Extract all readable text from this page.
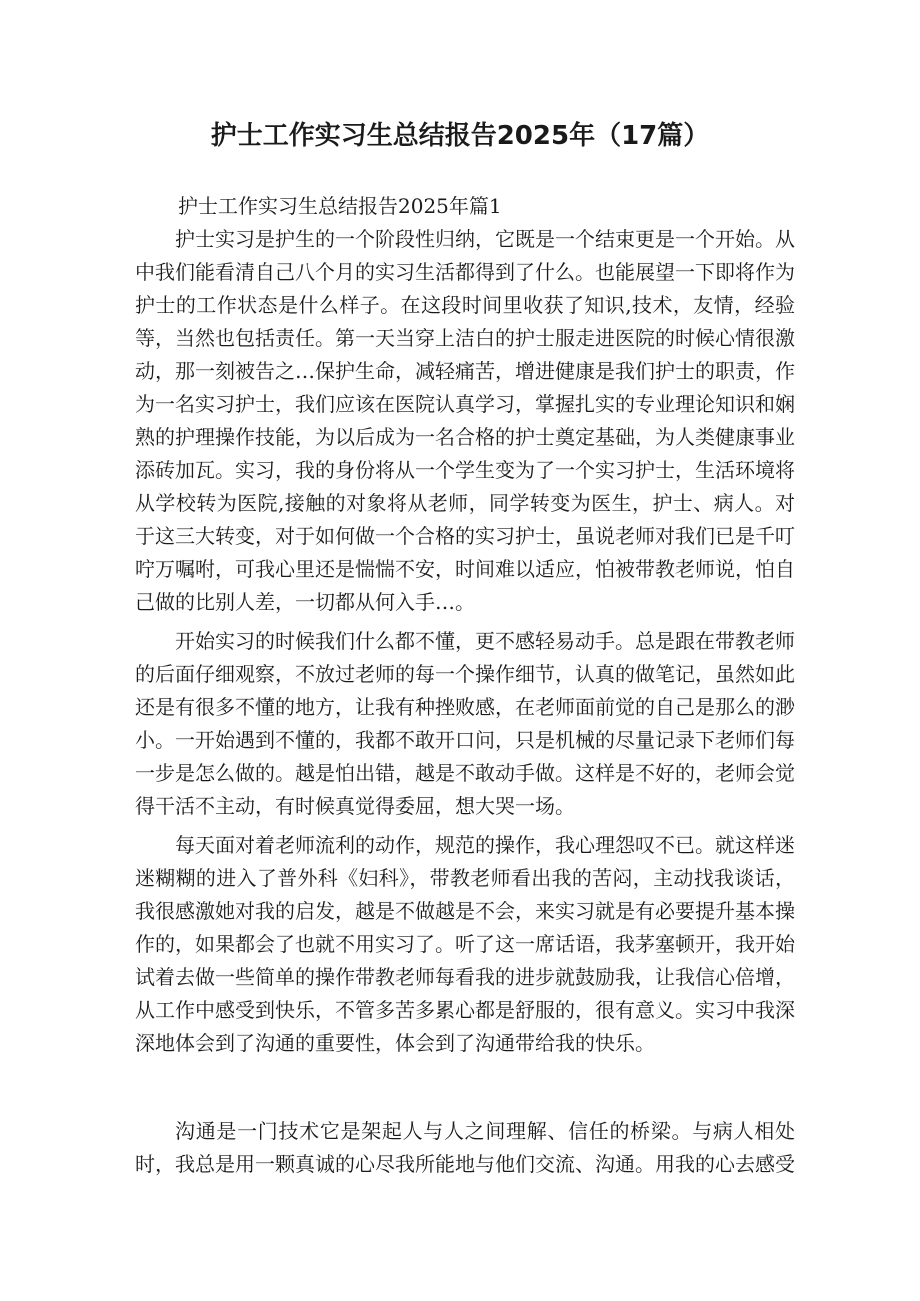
护士工作实习生总结报告2025年（17篇）
护士工作实习生总结报告2025年篇1

护士实习是护生的一个阶段性归纳，它既是一个结束更是一个开始。从中我们能看清自己八个月的实习生活都得到了什么。也能展望一下即将作为护士的工作状态是什么样子。在这段时间里收获了知识,技术，友情，经验等，当然也包括责任。第一天当穿上洁白的护士服走进医院的时候心情很激动，那一刻被告之…保护生命，减轻痛苦，增进健康是我们护士的职责，作为一名实习护士，我们应该在医院认真学习，掌握扎实的专业理论知识和娴熟的护理操作技能，为以后成为一名合格的护士奠定基础，为人类健康事业添砖加瓦。实习，我的身份将从一个学生变为了一个实习护士，生活环境将从学校转为医院,接触的对象将从老师，同学转变为医生，护士、病人。对于这三大转变，对于如何做一个合格的实习护士，虽说老师对我们已是千叮咛万嘱咐，可我心里还是惴惴不安，时间难以适应，怕被带教老师说，怕自己做的比别人差，一切都从何入手…。

开始实习的时候我们什么都不懂，更不感轻易动手。总是跟在带教老师的后面仔细观察，不放过老师的每一个操作细节，认真的做笔记，虽然如此还是有很多不懂的地方，让我有种挫败感，在老师面前觉的自己是那么的渺小。一开始遇到不懂的，我都不敢开口问，只是机械的尽量记录下老师们每一步是怎么做的。越是怕出错，越是不敢动手做。这样是不好的，老师会觉得干活不主动，有时候真觉得委屈，想大哭一场。

每天面对着老师流利的动作，规范的操作，我心理怨叹不已。就这样迷迷糊糊的进入了普外科《妇科》，带教老师看出我的苦闷，主动找我谈话，我很感激她对我的启发，越是不做越是不会，来实习就是有必要提升基本操作的，如果都会了也就不用实习了。听了这一席话语，我茅塞顿开，我开始试着去做一些简单的操作带教老师每看我的进步就鼓励我，让我信心倍增，从工作中感受到快乐，不管多苦多累心都是舒服的，很有意义。实习中我深深地体会到了沟通的重要性，体会到了沟通带给我的快乐。

沟通是一门技术它是架起人与人之间理解、信任的桥梁。与病人相处时，我总是用一颗真诚的心尽我所能地与他们交流、沟通。用我的心去感受
